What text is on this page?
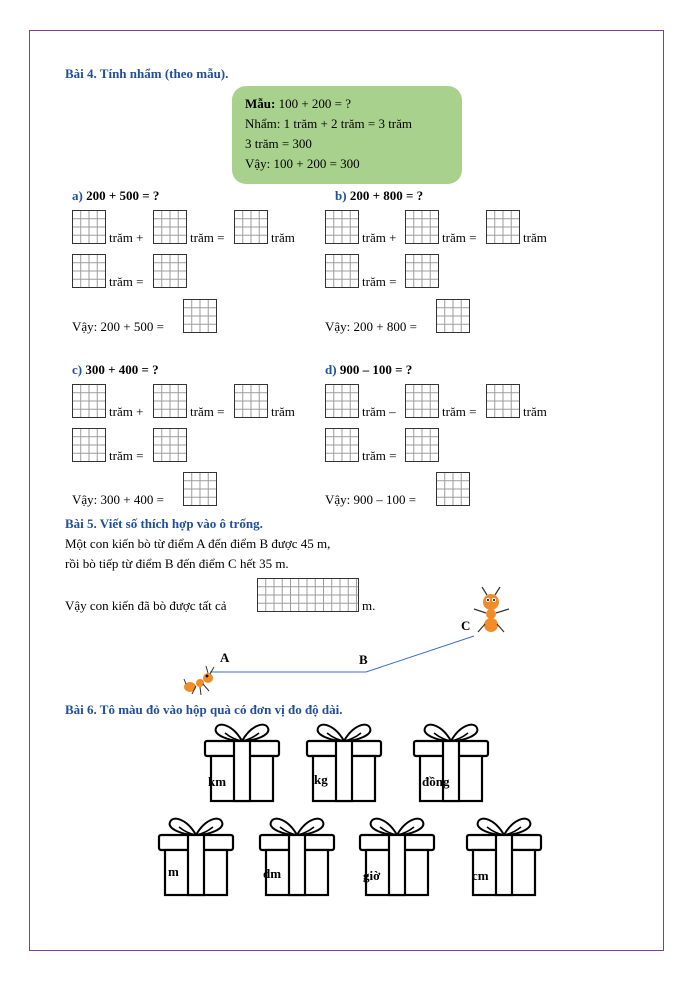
Bài 4. Tính nhẩm (theo mẫu).
Mẫu: 100 + 200 = ?
Nhẩm: 1 trăm + 2 trăm = 3 trăm
3 trăm = 300
Vậy: 100 + 200 = 300
a) 200 + 500 = ?
trăm +	trăm =	trăm
trăm =
Vậy: 200 + 500 =
b) 200 + 800 = ?
trăm +	trăm =	trăm
trăm =
Vậy: 200 + 800 =
c) 300 + 400 = ?
trăm +	trăm =	trăm
trăm =
Vậy: 300 + 400 =
d) 900 – 100 = ?
trăm –	trăm =	trăm
trăm =
Vậy: 900 – 100 =
Bài 5. Viết số thích hợp vào ô trống.
Một con kiến bò từ điểm A đến điểm B được 45 m,
rồi bò tiếp từ điểm B đến điểm C hết 35 m.
Vậy con kiến đã bò được tất cả	m.
A	B
C
Bài 6. Tô màu đỏ vào hộp quà có đơn vị đo độ dài.
km	kg	đồng
m	dm	giờ	cm
